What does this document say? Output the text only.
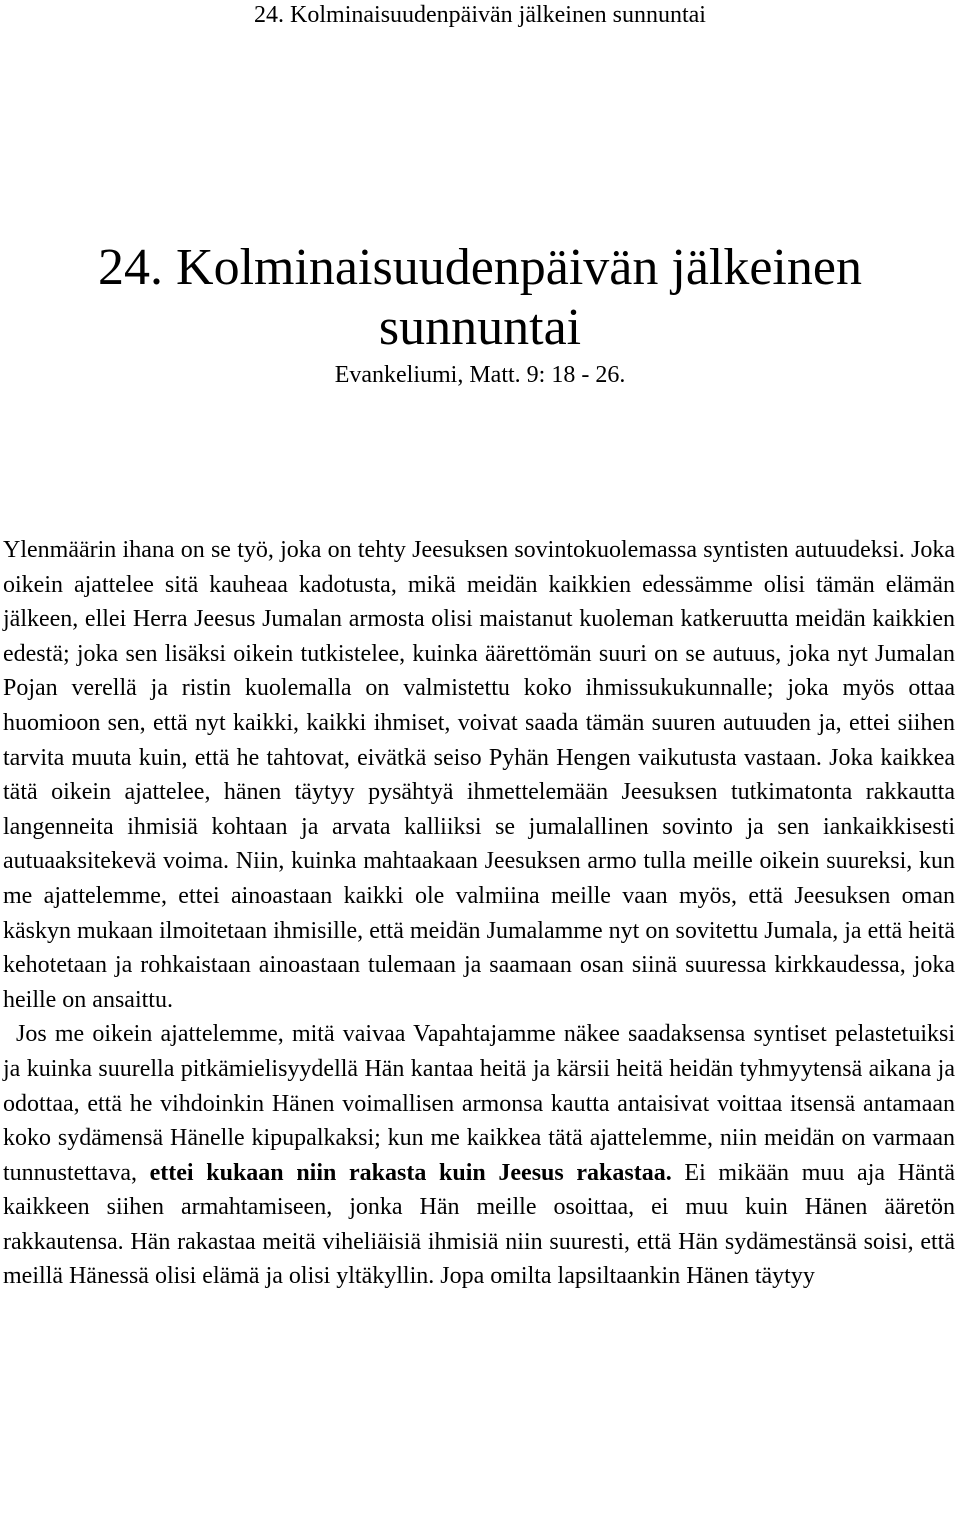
24. Kolminaisuudenpäivän jälkeinen sunnuntai
24. Kolminaisuudenpäivän jälkeinen
sunnuntai
Evankeliumi, Matt. 9: 18 - 26.

Ylenmäärin ihana on se työ, joka on tehty Jeesuksen sovintokuolemassa syntisten autuudeksi. Joka oikein ajattelee sitä kauheaa kadotusta, mikä meidän kaikkien edessämme olisi tämän elämän jälkeen, ellei Herra Jeesus Jumalan armosta olisi maistanut kuoleman katkeruutta meidän kaikkien edestä; joka sen lisäksi oikein tutkistelee, kuinka äärettömän suuri on se autuus, joka nyt Jumalan Pojan verellä ja ristin kuolemalla on valmistettu koko ihmissukukunnalle; joka myös ottaa huomioon sen, että nyt kaikki, kaikki ihmiset, voivat saada tämän suuren autuuden ja, ettei siihen tarvita muuta kuin, että he tahtovat, eivätkä seiso Pyhän Hengen vaikutusta vastaan. Joka kaikkea tätä oikein ajattelee, hänen täytyy pysähtyä ihmettelemään Jeesuksen tutkimatonta rakkautta langenneita ihmisiä kohtaan ja arvata kalliiksi se jumalallinen sovinto ja sen iankaikkisesti autuaaksitekevä voima. Niin, kuinka mahtaakaan Jeesuksen armo tulla meille oikein suureksi, kun me ajattelemme, ettei ainoastaan kaikki ole valmiina meille vaan myös, että Jeesuksen oman käskyn mukaan ilmoitetaan ihmisille, että meidän Jumalamme nyt on sovitettu Jumala, ja että heitä kehotetaan ja rohkaistaan ainoastaan tulemaan ja saamaan osan siinä suuressa kirkkaudessa, joka heille on ansaittu.

Jos me oikein ajattelemme, mitä vaivaa Vapahtajamme näkee saadaksensa syntiset pelastetuiksi ja kuinka suurella pitkämielisyydellä Hän kantaa heitä ja kärsii heitä heidän tyhmyytensä aikana ja odottaa, että he vihdoinkin Hänen voimallisen armonsa kautta antaisivat voittaa itsensä antamaan koko sydämensä Hänelle kipupalkaksi; kun me kaikkea tätä ajattelemme, niin meidän on varmaan tunnustettava, ettei kukaan niin rakasta kuin Jeesus rakastaa. Ei mikään muu aja Häntä kaikkeen siihen armahtamiseen, jonka Hän meille osoittaa, ei muu kuin Hänen ääretön rakkautensa. Hän rakastaa meitä viheliäisiä ihmisiä niin suuresti, että Hän sydämestänsä soisi, että meillä Hänessä olisi elämä ja olisi yltäkyllin. Jopa omilta lapsiltaankin Hänen täytyy
